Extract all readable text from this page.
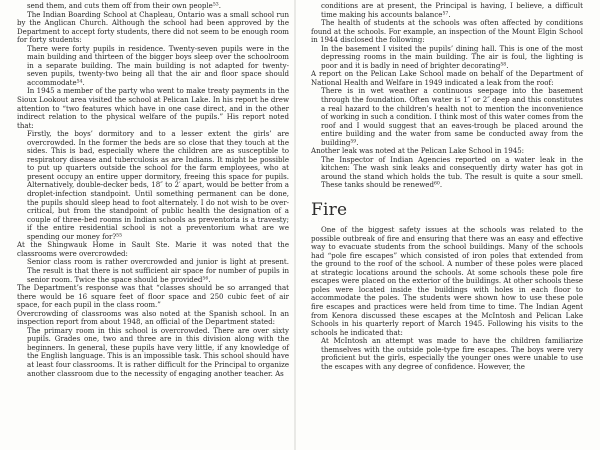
send them, and cuts them off from their own people$^{53}$.

The Indian Boarding School at Chapleau, Ontario was a small school run by the Anglican Church. Although the school had been approved by the Department to accept forty students, there did not seem to be enough room for forty students:

There were forty pupils in residence. Twenty-seven pupils were in the main building and thirteen of the bigger boys sleep over the schoolroom in a separate building. The main building is not adapted for twenty-seven pupils, twenty-two being all that the air and floor space should accommodate$^{54}$.

In 1945 a member of the party who went to make treaty payments in the Sioux Lookout area visited the school at Pelican Lake. In his report he drew attention to “two features which have in one case direct, and in the other indirect relation to the physical welfare of the pupils.” His report noted that:

Firstly, the boys’ dormitory and to a lesser extent the girls’ are overcrowded. In the former the beds are so close that they touch at the sides. This is bad, especially where the children are as susceptible to respiratory disease and tuberculosis as are Indians. It might be possible to put up quarters outside the school for the farm employees, who at present occupy an entire upper dormitory, freeing this space for pupils. Alternatively, double-decker beds, 18″ to 2′ apart, would be better from a droplet-infection standpoint. Until something permanent can be done, the pupils should sleep head to foot alternately. I do not wish to be over-critical, but from the standpoint of public health the designation of a couple of three-bed rooms in Indian schools as preventoria is a travesty; if the entire residential school is not a preventorium what are we spending our money for?$^{55}$

At the Shingwauk Home in Sault Ste. Marie it was noted that the classrooms were overcrowded:

Senior class room is rather overcrowded and junior is light at present. The result is that there is not sufficient air space for number of pupils in senior room. Twice the space should be provided$^{56}$.

The Department’s response was that “classes should be so arranged that there would be 16 square feet of floor space and 250 cubic feet of air space, for each pupil in the class room.”

Overcrowding of classrooms was also noted at the Spanish school. In an inspection report from about 1948, an official of the Department stated:

The primary room in this school is overcrowded. There are over sixty pupils. Grades one, two and three are in this division along with the beginners. In general, these pupils have very little, if any knowledge of the English language. This is an impossible task. This school should have at least four classrooms. It is rather difficult for the Principal to organize another classroom due to the necessity of engaging another teacher. As

conditions are at present, the Principal is having, I believe, a difficult time making his accounts balance$^{57}$.

The health of students at the schools was often affected by conditions found at the schools. For example, an inspection of the Mount Elgin School in 1944 disclosed the following:

In the basement I visited the pupils’ dining hall. This is one of the most depressing rooms in the main building. The air is foul, the lighting is poor and it is badly in need of brighter decorating$^{58}$.

A report on the Pelican Lake School made on behalf of the Department of National Health and Welfare in 1949 indicated a leak from the roof:

There is in wet weather a continuous seepage into the basement through the foundation. Often water is 1″ or 2″ deep and this constitutes a real hazard to the children’s health not to mention the inconvenience of working in such a condition. I think most of this water comes from the roof and I would suggest that an eaves-trough be placed around the entire building and the water from same be conducted away from the building$^{59}$.

Another leak was noted at the Pelican Lake School in 1945:

The Inspector of Indian Agencies reported on a water leak in the kitchen: The wash sink leaks and consequently dirty water has got in around the stand which holds the tub. The result is quite a sour smell. These tanks should be renewed$^{60}$.

Fire

One of the biggest safety issues at the schools was related to the possible outbreak of fire and ensuring that there was an easy and effective way to evacuate students from the school buildings. Many of the schools had “pole fire escapes” which consisted of iron poles that extended from the ground to the roof of the school. A number of these poles were placed at strategic locations around the schools. At some schools these pole fire escapes were placed on the exterior of the buildings. At other schools these poles were located inside the buildings with holes in each floor to accommodate the poles. The students were shown how to use these pole fire escapes and practices were held from time to time. The Indian Agent from Kenora discussed these escapes at the McIntosh and Pelican Lake Schools in his quarterly report of March 1945. Following his visits to the schools he indicated that:

At McIntosh an attempt was made to have the children familiarize themselves with the outside pole-type fire escapes. The boys were very proficient but the girls, especially the younger ones were unable to use the escapes with any degree of confidence. However, the
